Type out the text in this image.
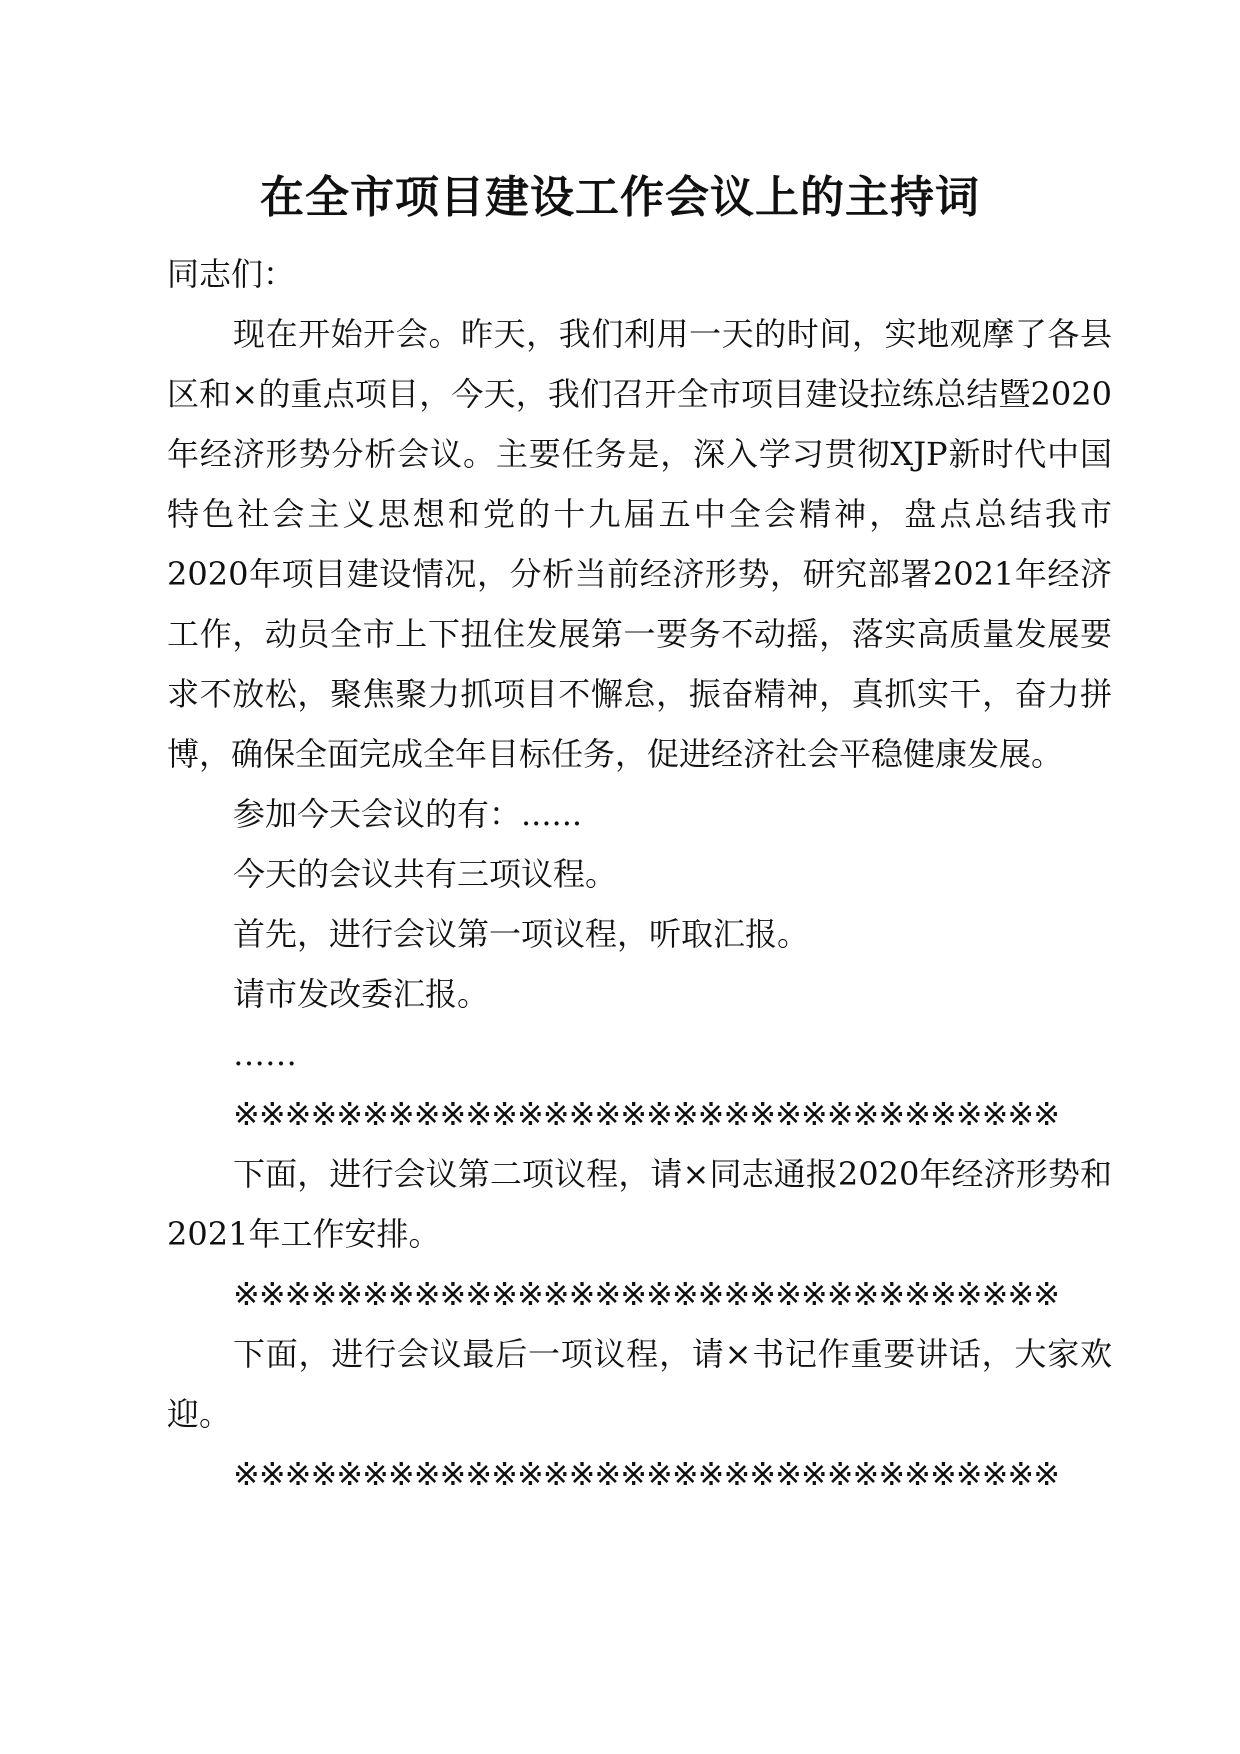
在全市项目建设工作会议上的主持词

同志们：

现在开始开会。昨天，我们利用一天的时间，实地观摩了各县区和×的重点项目，今天，我们召开全市项目建设拉练总结暨2020年经济形势分析会议。主要任务是，深入学习贯彻XJP新时代中国特色社会主义思想和党的十九届五中全会精神，盘点总结我市2020年项目建设情况，分析当前经济形势，研究部署2021年经济工作，动员全市上下扭住发展第一要务不动摇，落实高质量发展要求不放松，聚焦聚力抓项目不懈怠，振奋精神，真抓实干，奋力拼博，确保全面完成全年目标任务，促进经济社会平稳健康发展。

参加今天会议的有：......

今天的会议共有三项议程。

首先，进行会议第一项议程，听取汇报。

请市发改委汇报。

……

※※※※※※※※※※※※※※※※※※※※※※※※※※※※※※※※

下面，进行会议第二项议程，请×同志通报2020年经济形势和2021年工作安排。

※※※※※※※※※※※※※※※※※※※※※※※※※※※※※※※※

下面，进行会议最后一项议程，请×书记作重要讲话，大家欢迎。

※※※※※※※※※※※※※※※※※※※※※※※※※※※※※※※※
